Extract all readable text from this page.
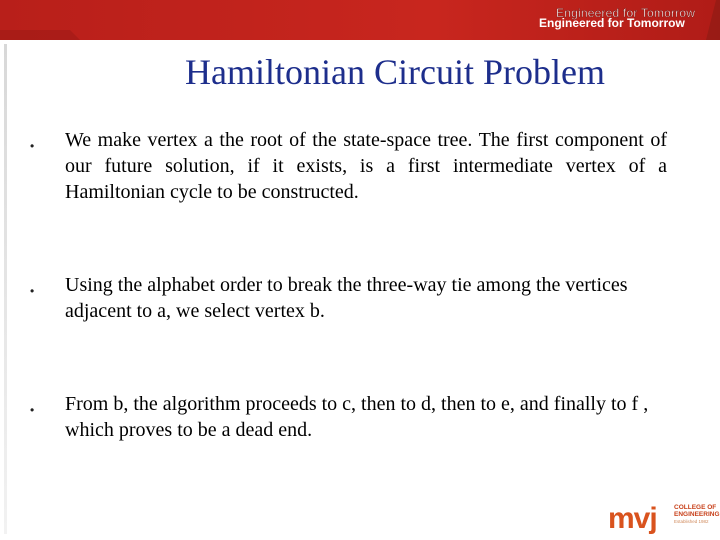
Engineered for Tomorrow
Engineered for Tomorrow
Hamiltonian Circuit Problem
• We make vertex a the root of the state-space tree. The first component of our future solution, if it exists, is a first intermediate vertex of a Hamiltonian cycle to be constructed.
• Using the alphabet order to break the three-way tie among the vertices adjacent to a, we select vertex b.
• From b, the algorithm proceeds to c, then to d, then to e, and finally to f , which proves to be a dead end.
mvj	COLLEGE OF
ENGINEERING
Established 1982
